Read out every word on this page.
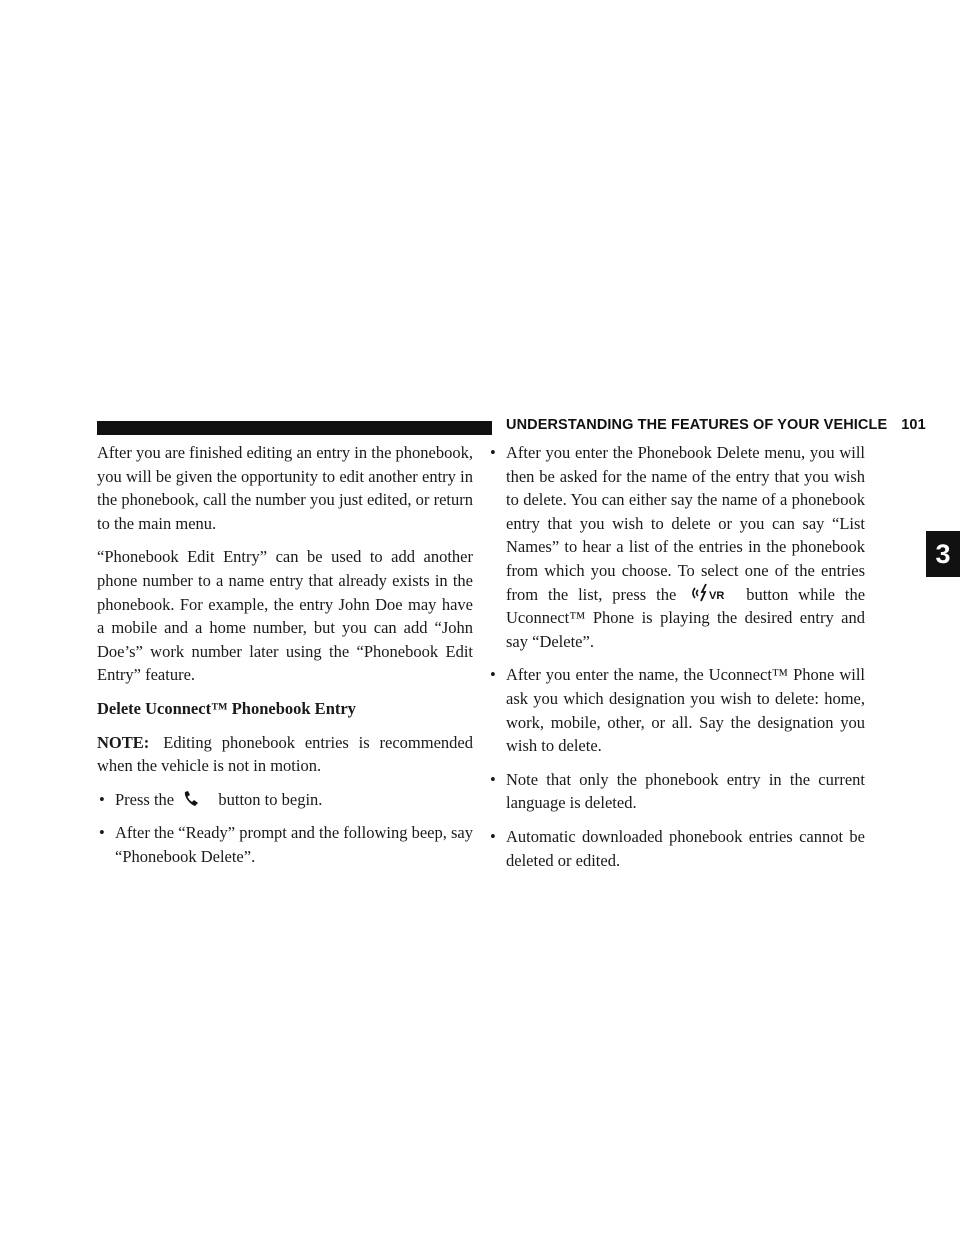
UNDERSTANDING THE FEATURES OF YOUR VEHICLE 101
3

After you are finished editing an entry in the phonebook, you will be given the opportunity to edit another entry in the phonebook, call the number you just edited, or return to the main menu.

“Phonebook Edit Entry” can be used to add another phone number to a name entry that already exists in the phonebook. For example, the entry John Doe may have a mobile and a home number, but you can add “John Doe’s” work number later using the “Phonebook Edit Entry” feature.

Delete Uconnect™ Phonebook Entry

NOTE: Editing phonebook entries is recommended when the vehicle is not in motion.

• Press the	button to begin.
• After the “Ready” prompt and the following beep, say “Phonebook Delete”.
• After you enter the Phonebook Delete menu, you will then be asked for the name of the entry that you wish to delete. You can either say the name of a phonebook entry that you wish to delete or you can say “List Names” to hear a list of the entries in the phonebook from which you choose. To select one of the entries from the list, press the	VR button while the Uconnect™ Phone is playing the desired entry and say “Delete”.
• After you enter the name, the Uconnect™ Phone will ask you which designation you wish to delete: home, work, mobile, other, or all. Say the designation you wish to delete.
• Note that only the phonebook entry in the current language is deleted.
• Automatic downloaded phonebook entries cannot be deleted or edited.
